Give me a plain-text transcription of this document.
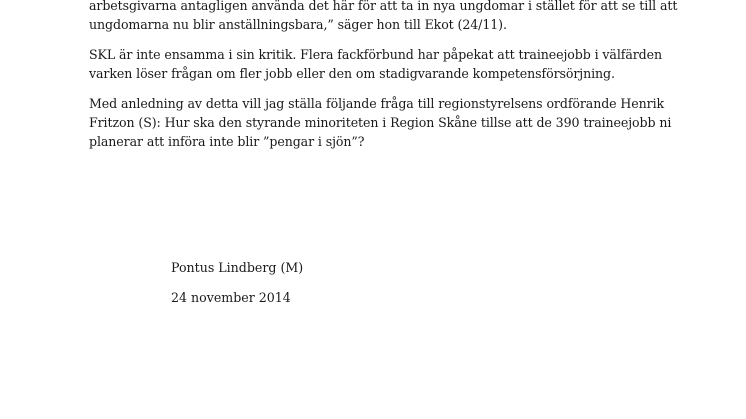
arbetsgivarna antagligen använda det här för att ta in nya ungdomar i stället för att se till att

ungdomarna nu blir anställningsbara,” säger hon till Ekot (24/11).

SKL är inte ensamma i sin kritik. Flera fackförbund har påpekat att traineejobb i välfärden

varken löser frågan om fler jobb eller den om stadigvarande kompetensförsörjning.

Med anledning av detta vill jag ställa följande fråga till regionstyrelsens ordförande Henrik

Fritzon (S): Hur ska den styrande minoriteten i Region Skåne tillse att de 390 traineejobb ni

planerar att införa inte blir ”pengar i sjön”?

Pontus Lindberg (M)

24 november 2014
